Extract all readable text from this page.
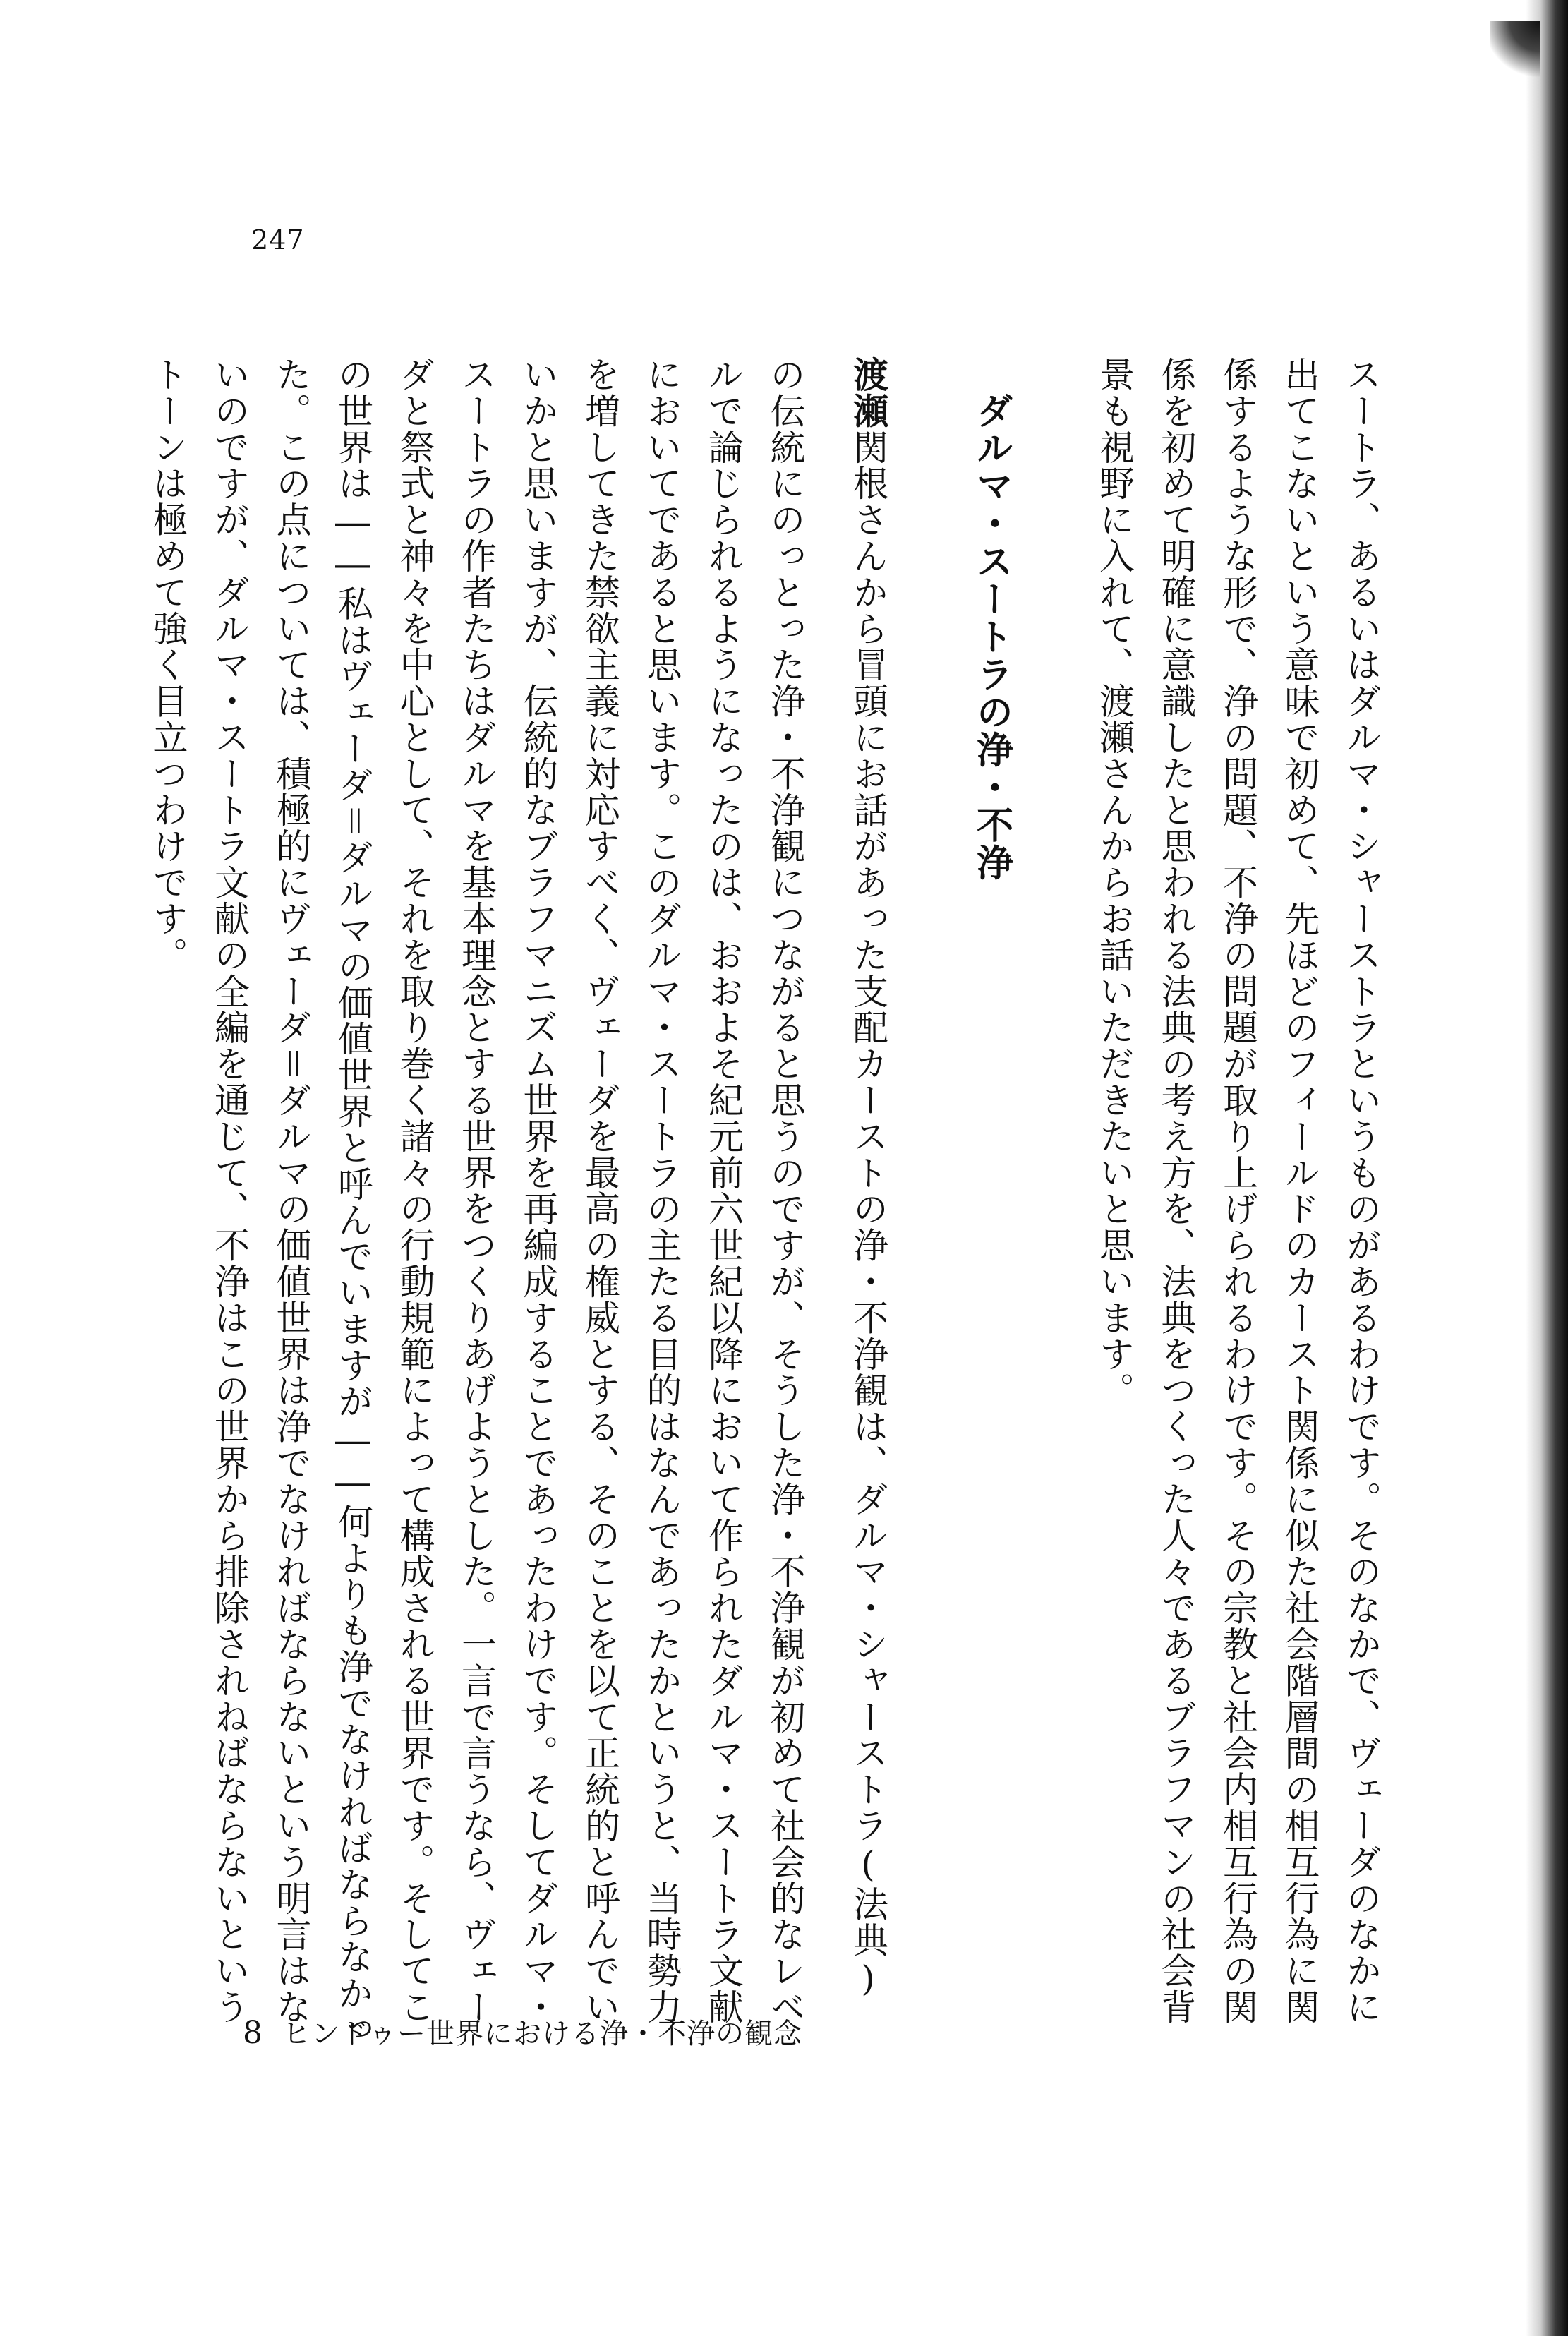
247
スートラ、あるいはダルマ・シャーストラというものがあるわけです。そのなかで、ヴェーダのなかに
出てこないという意味で初めて、先ほどのフィールドのカースト関係に似た社会階層間の相互行為に関
係するような形で、浄の問題、不浄の問題が取り上げられるわけです。その宗教と社会内相互行為の関
係を初めて明確に意識したと思われる法典の考え方を、法典をつくった人々であるブラフマンの社会背
景も視野に入れて、渡瀬さんからお話いただきたいと思います。
ダルマ・スートラの浄・不浄
渡瀬関根さんから冒頭にお話があった支配カーストの浄・不浄観は、ダルマ・シャーストラ(法典)
の伝統にのっとった浄・不浄観につながると思うのですが、そうした浄・不浄観が初めて社会的なレベ
ルで論じられるようになったのは、おおよそ紀元前六世紀以降において作られたダルマ・スートラ文献
においてであると思います。このダルマ・スートラの主たる目的はなんであったかというと、当時勢力
を増してきた禁欲主義に対応すべく、ヴェーダを最高の権威とする、そのことを以て正統的と呼んでい
いかと思いますが、伝統的なブラフマニズム世界を再編成することであったわけです。そしてダルマ・
スートラの作者たちはダルマを基本理念とする世界をつくりあげようとした。一言で言うなら、ヴェー
ダと祭式と神々を中心として、それを取り巻く諸々の行動規範によって構成される世界です。そしてこ
の世界は――私はヴェーダ＝ダルマの価値世界と呼んでいますが――何よりも浄でなければならなかっ
た。この点については、積極的にヴェーダ＝ダルマの価値世界は浄でなければならないという明言はな
いのですが、ダルマ・スートラ文献の全編を通じて、不浄はこの世界から排除されねばならないという
トーンは極めて強く目立つわけです。
8 ヒンドゥー世界における浄・不浄の観念
